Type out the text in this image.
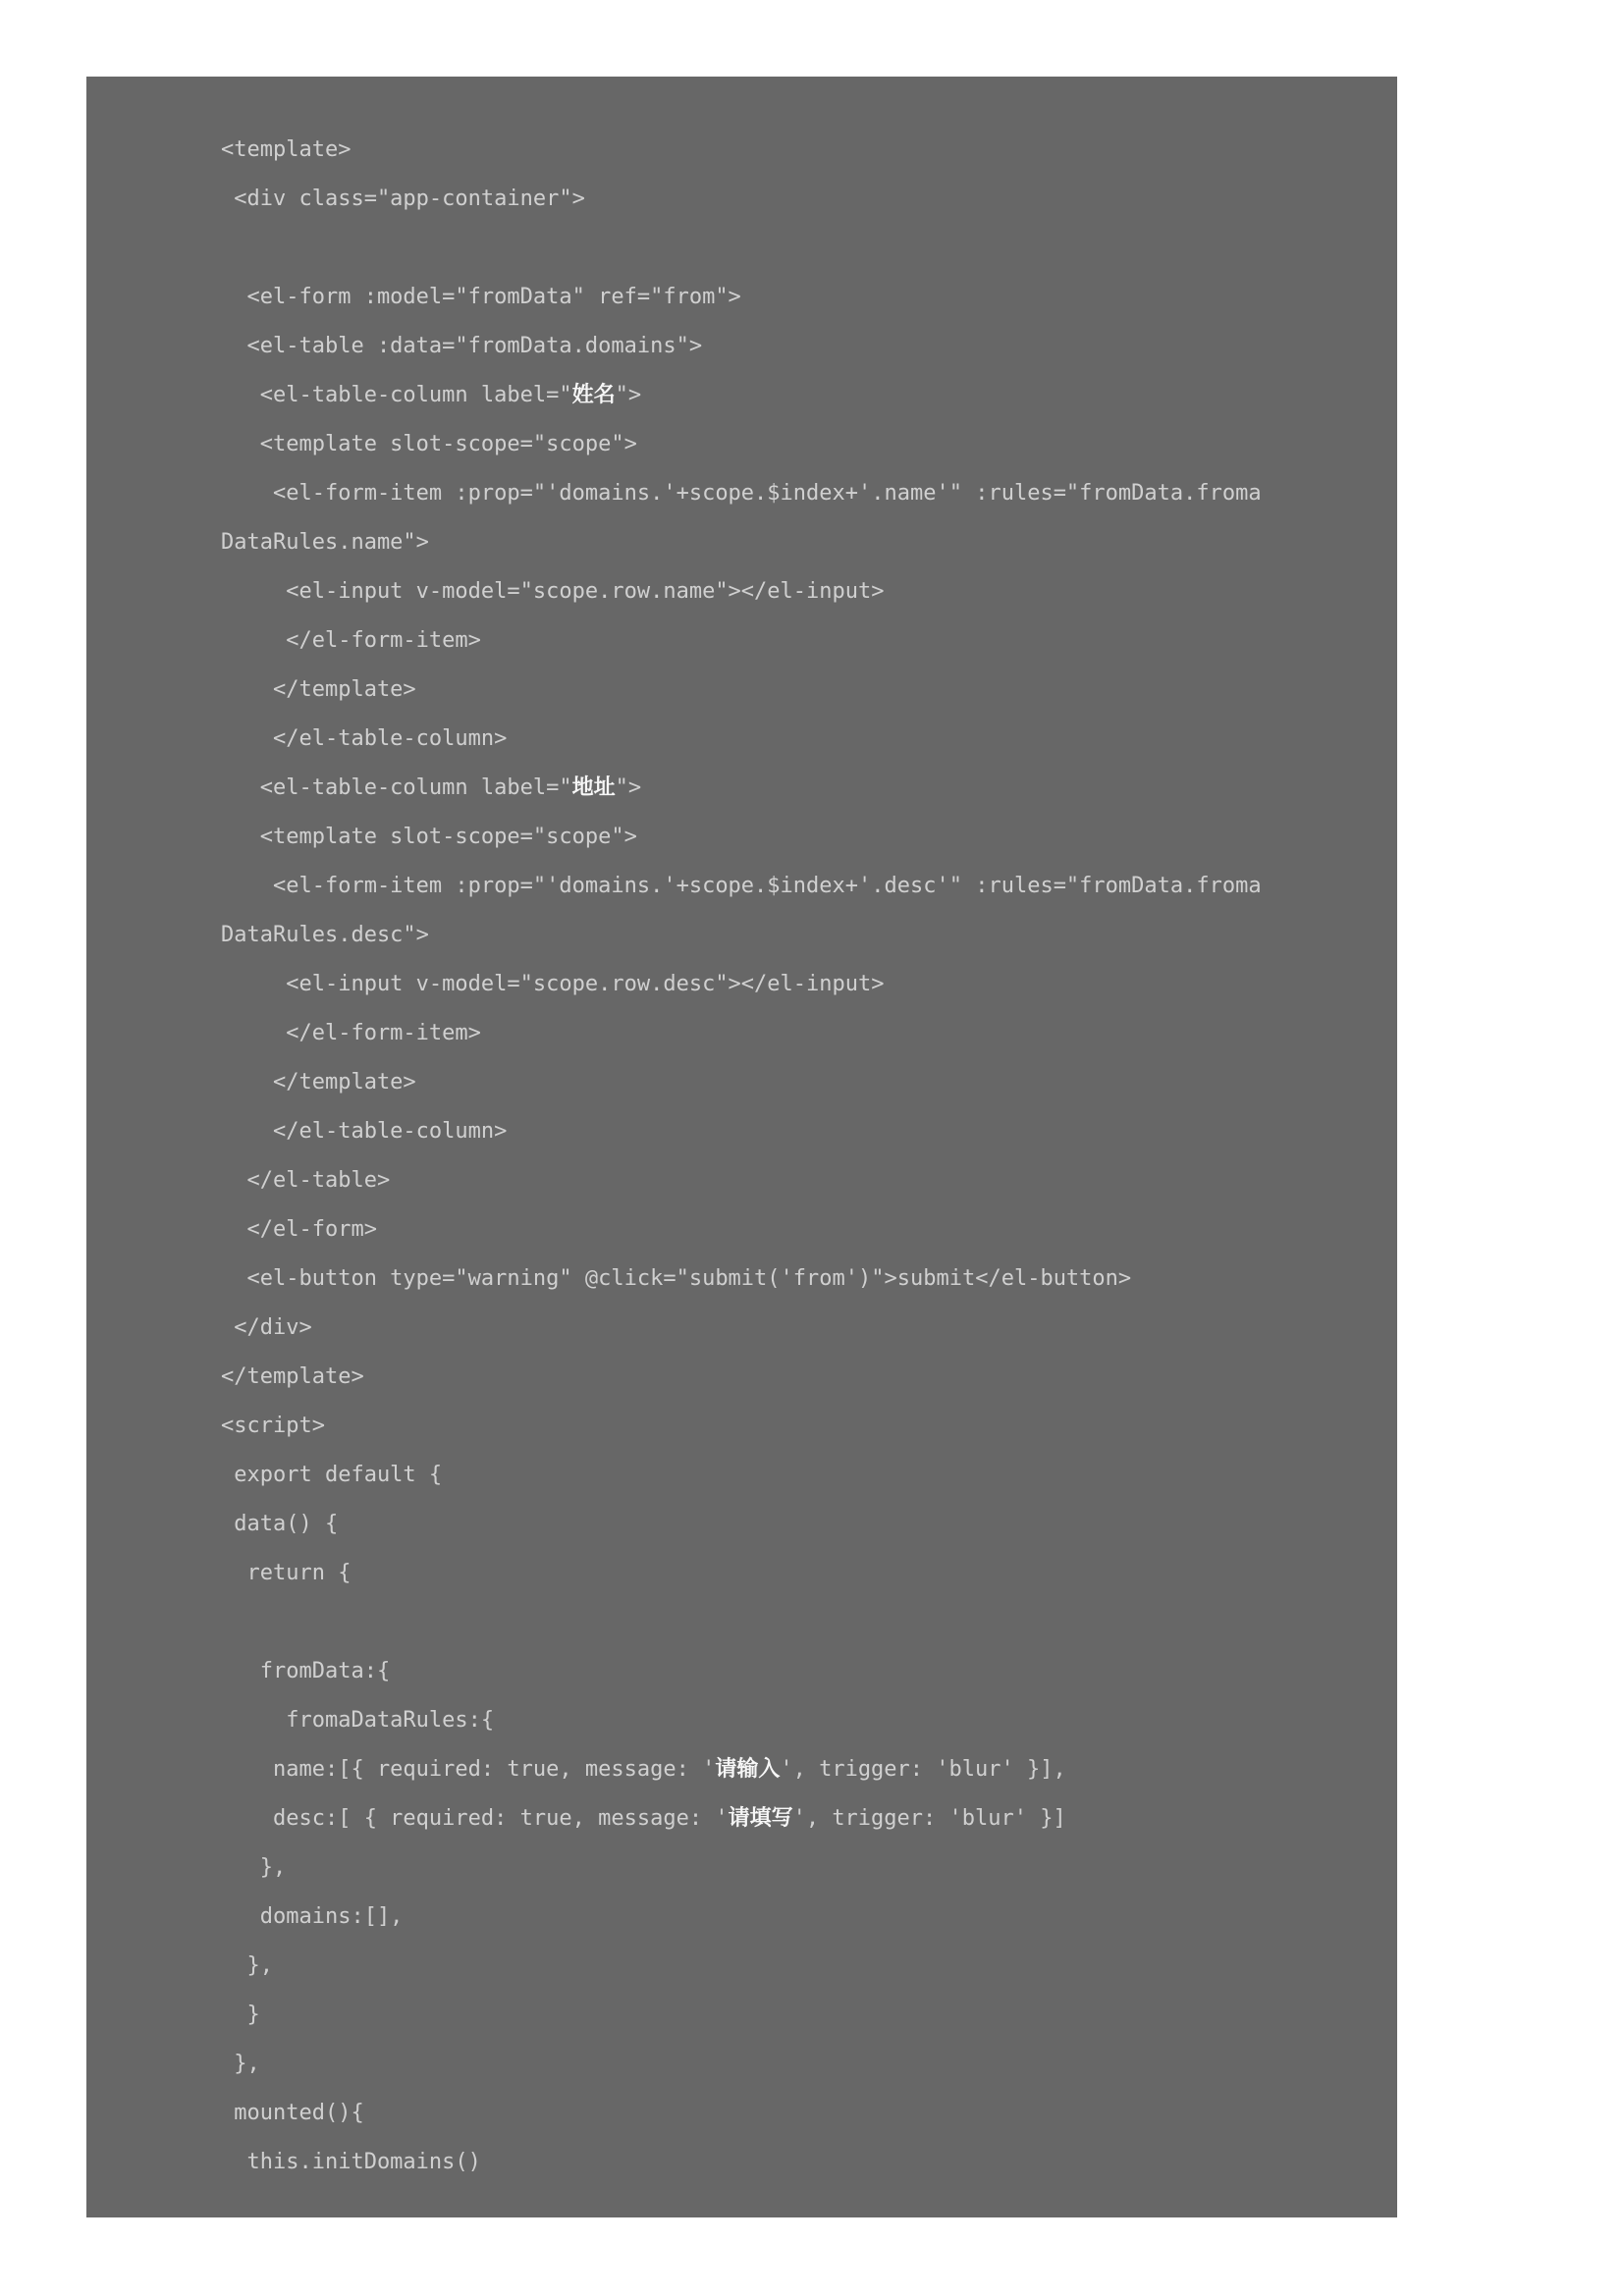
<template>
<div class="app-container">

<el-form :model="fromData" ref="from">
<el-table :data="fromData.domains">
<el-table-column label="姓名">
<template slot-scope="scope">
<el-form-item :prop="'domains.'+scope.$index+'.name'" :rules="fromData.froma
DataRules.name">
<el-input v-model="scope.row.name"></el-input>
</el-form-item>
</template>
</el-table-column>
<el-table-column label="地址">
<template slot-scope="scope">
<el-form-item :prop="'domains.'+scope.$index+'.desc'" :rules="fromData.froma
DataRules.desc">
<el-input v-model="scope.row.desc"></el-input>
</el-form-item>
</template>
</el-table-column>
</el-table>
</el-form>
<el-button type="warning" @click="submit('from')">submit</el-button>
</div>
</template>
<script>
export default {
data() {
return {

fromData:{
fromaDataRules:{
name:[{ required: true, message: '请输入', trigger: 'blur' }],
desc:[ { required: true, message: '请填写', trigger: 'blur' }]
},
domains:[],
},
}
},
mounted(){
this.initDomains()
